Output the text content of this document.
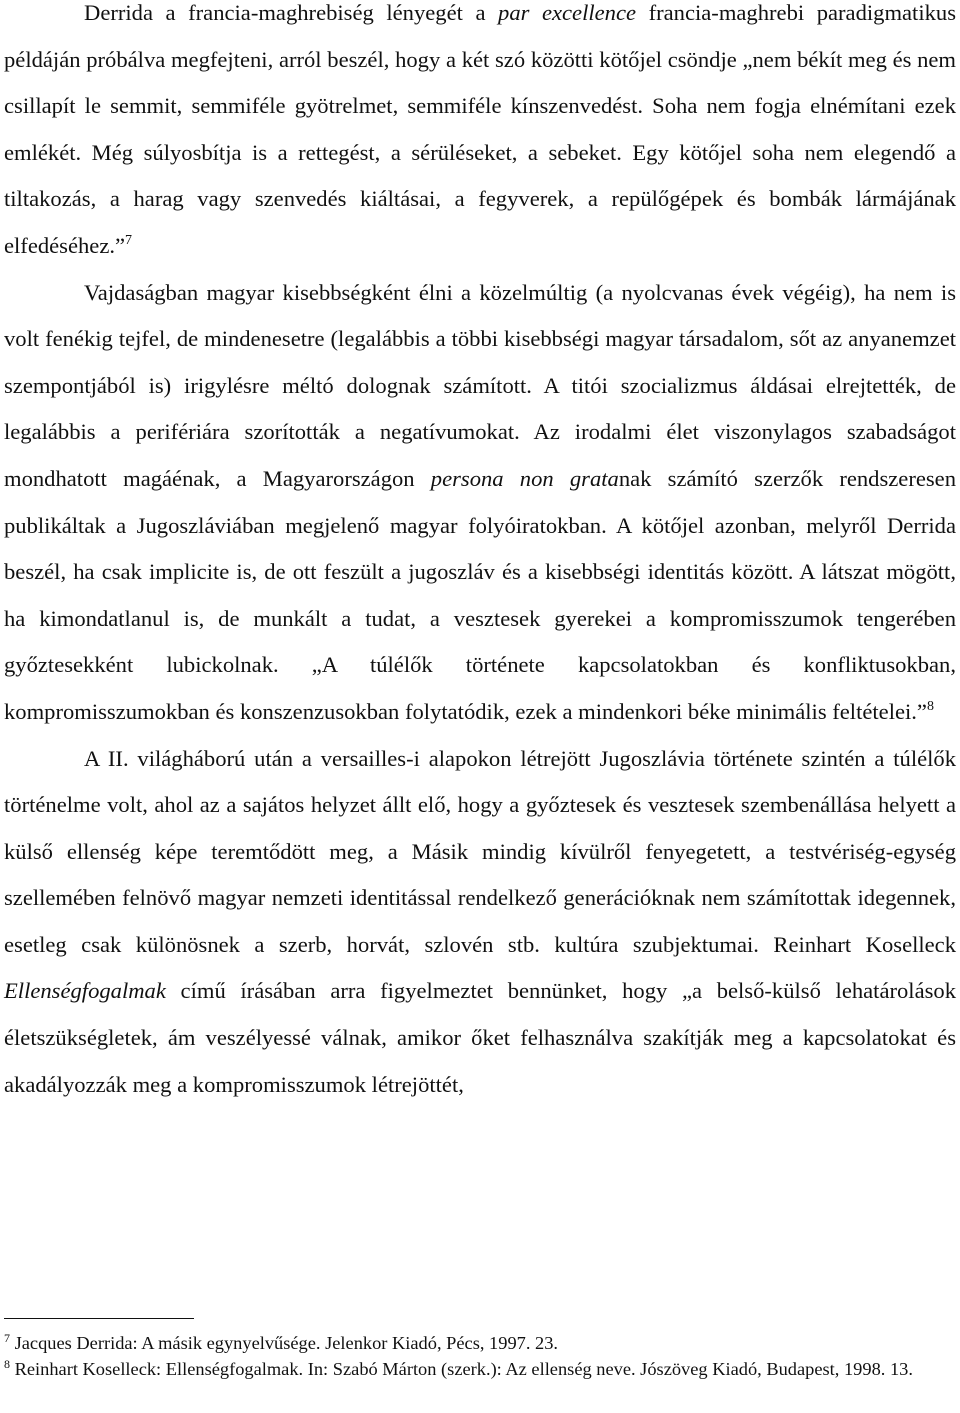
Derrida a francia-maghrebiség lényegét a par excellence francia-maghrebi paradigmatikus példáján próbálva megfejteni, arról beszél, hogy a két szó közötti kötőjel csöndje „nem békít meg és nem csillapít le semmit, semmiféle gyötrelmet, semmiféle kínszenvedést. Soha nem fogja elnémítani ezek emlékét. Még súlyosbítja is a rettegést, a sérüléseket, a sebeket. Egy kötőjel soha nem elegendő a tiltakozás, a harag vagy szenvedés kiáltásai, a fegyverek, a repülőgépek és bombák lármájának elfedéséhez.”$^7$

Vajdaságban magyar kisebbségként élni a közelmúltig (a nyolcvanas évek végéig), ha nem is volt fenékig tejfel, de mindenesetre (legalábbis a többi kisebbségi magyar társadalom, sőt az anyanemzet szempontjából is) irigylésre méltó dolognak számított. A titói szocializmus áldásai elrejtették, de legalábbis a perifériára szorították a negatívumokat. Az irodalmi élet viszonylagos szabadságot mondhatott magáénak, a Magyarországon persona non gratanak számító szerzők rendszeresen publikáltak a Jugoszláviában megjelenő magyar folyóiratokban. A kötőjel azonban, melyről Derrida beszél, ha csak implicite is, de ott feszült a jugoszláv és a kisebbségi identitás között. A látszat mögött, ha kimondatlanul is, de munkált a tudat, a vesztesek gyerekei a kompromisszumok tengerében győztesekként lubickolnak. „A túlélők története kapcsolatokban és konfliktusokban, kompromisszumokban és konszenzusokban folytatódik, ezek a mindenkori béke minimális feltételei.”$^8$

A II. világháború után a versailles-i alapokon létrejött Jugoszlávia története szintén a túlélők történelme volt, ahol az a sajátos helyzet állt elő, hogy a győztesek és vesztesek szembenállása helyett a külső ellenség képe teremtődött meg, a Másik mindig kívülről fenyegetett, a testvériség-egység szellemében felnövő magyar nemzeti identitással rendelkező generációknak nem számítottak idegennek, esetleg csak különösnek a szerb, horvát, szlovén stb. kultúra szubjektumai. Reinhart Koselleck Ellenségfogalmak című írásában arra figyelmeztet bennünket, hogy „a belső-külső lehatárolások életszükségletek, ám veszélyessé válnak, amikor őket felhasználva szakítják meg a kapcsolatokat és akadályozzák meg a kompromisszumok létrejöttét,

$^7$ Jacques Derrida: A másik egynyelvűsége. Jelenkor Kiadó, Pécs, 1997. 23.

$^8$ Reinhart Koselleck: Ellenségfogalmak. In: Szabó Márton (szerk.): Az ellenség neve. Jószöveg Kiadó, Budapest, 1998. 13.
